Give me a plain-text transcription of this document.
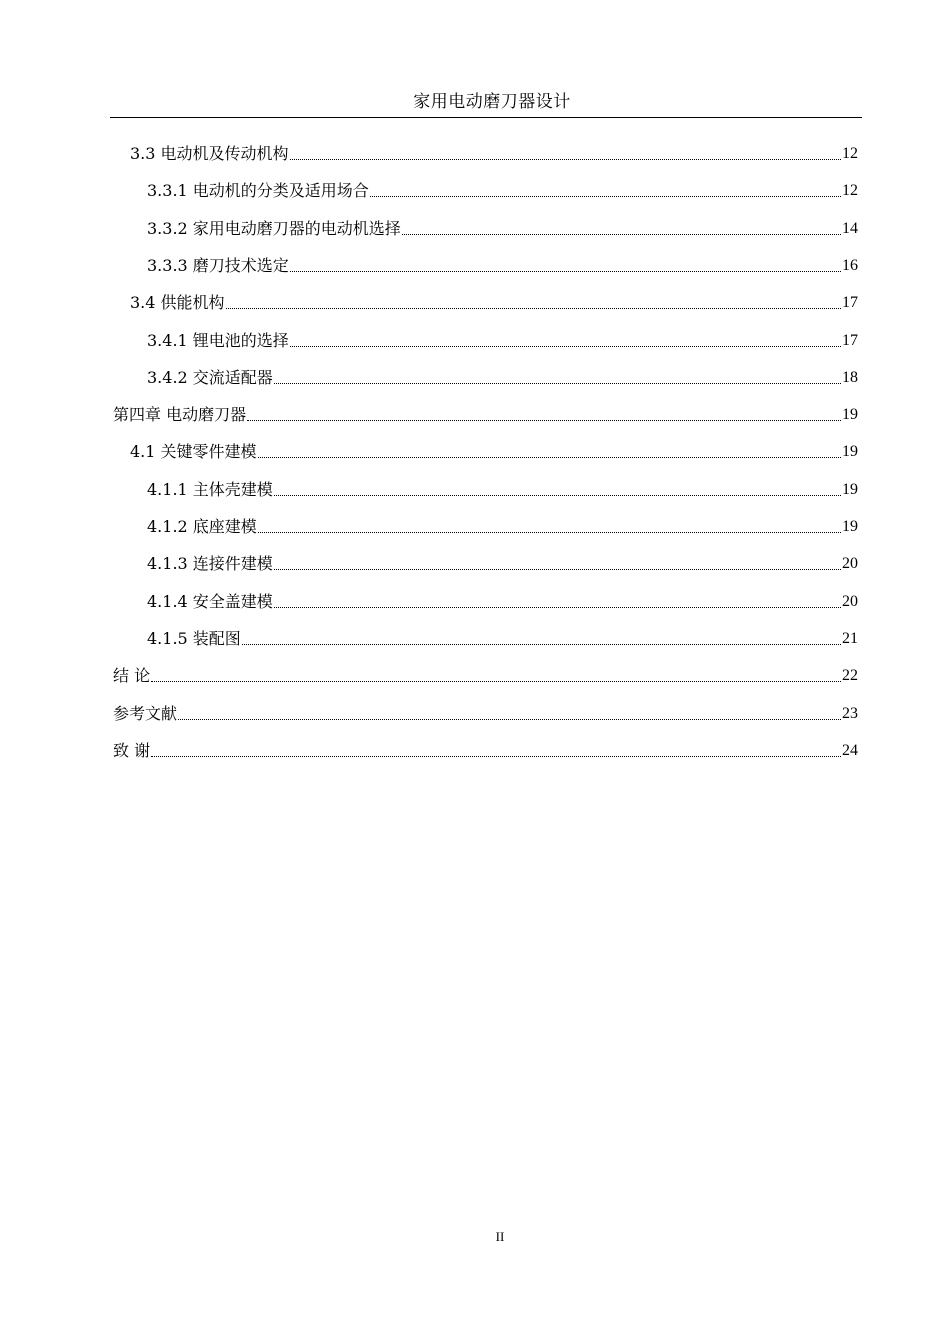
家用电动磨刀器设计
3.3 电动机及传动机构	12
3.3.1 电动机的分类及适用场合	12
3.3.2 家用电动磨刀器的电动机选择	14
3.3.3 磨刀技术选定	16
3.4 供能机构	17
3.4.1 锂电池的选择	17
3.4.2 交流适配器	18
第四章 电动磨刀器	19
4.1 关键零件建模	19
4.1.1 主体壳建模	19
4.1.2 底座建模	19
4.1.3 连接件建模	20
4.1.4 安全盖建模	20
4.1.5 装配图	21
结 论	22
参考文献	23
致 谢	24
II
